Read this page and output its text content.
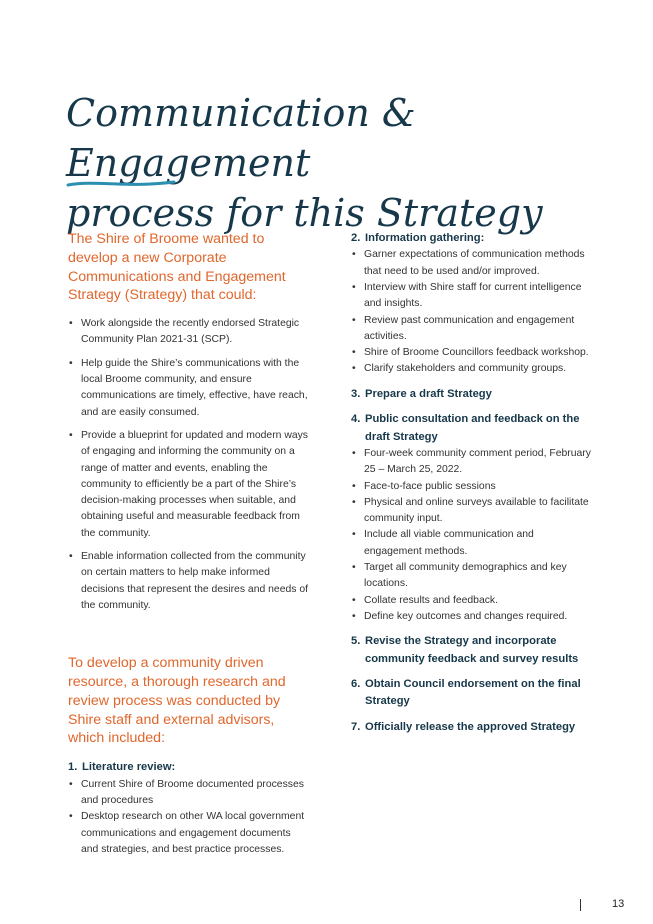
Communication & Engagement
process for this Strategy

The Shire of Broome wanted to develop a new Corporate Communications and Engagement Strategy (Strategy) that could:

• Work alongside the recently endorsed Strategic Community Plan 2021-31 (SCP).
• Help guide the Shire’s communications with the local Broome community, and ensure communications are timely, effective, have reach, and are easily consumed.
• Provide a blueprint for updated and modern ways of engaging and informing the community on a range of matter and events, enabling the community to efficiently be a part of the Shire’s decision-making processes when suitable, and obtaining useful and measurable feedback from the community.
• Enable information collected from the community on certain matters to help make informed decisions that represent the desires and needs of the community.

To develop a community driven resource, a thorough research and review process was conducted by Shire staff and external advisors, which included:

1. Literature review:
• Current Shire of Broome documented processes and procedures
• Desktop research on other WA local government communications and engagement documents and strategies, and best practice processes.
2. Information gathering:
• Garner expectations of communication methods that need to be used and/or improved.
• Interview with Shire staff for current intelligence and insights.
• Review past communication and engagement activities.
• Shire of Broome Councillors feedback workshop.
• Clarify stakeholders and community groups.
3. Prepare a draft Strategy
4. Public consultation and feedback on the draft Strategy
• Four-week community comment period, February 25 – March 25, 2022.
• Face-to-face public sessions
• Physical and online surveys available to facilitate community input.
• Include all viable communication and engagement methods.
• Target all community demographics and key locations.
• Collate results and feedback.
• Define key outcomes and changes required.
5. Revise the Strategy and incorporate community feedback and survey results
6. Obtain Council endorsement on the final Strategy
7. Officially release the approved Strategy
13
